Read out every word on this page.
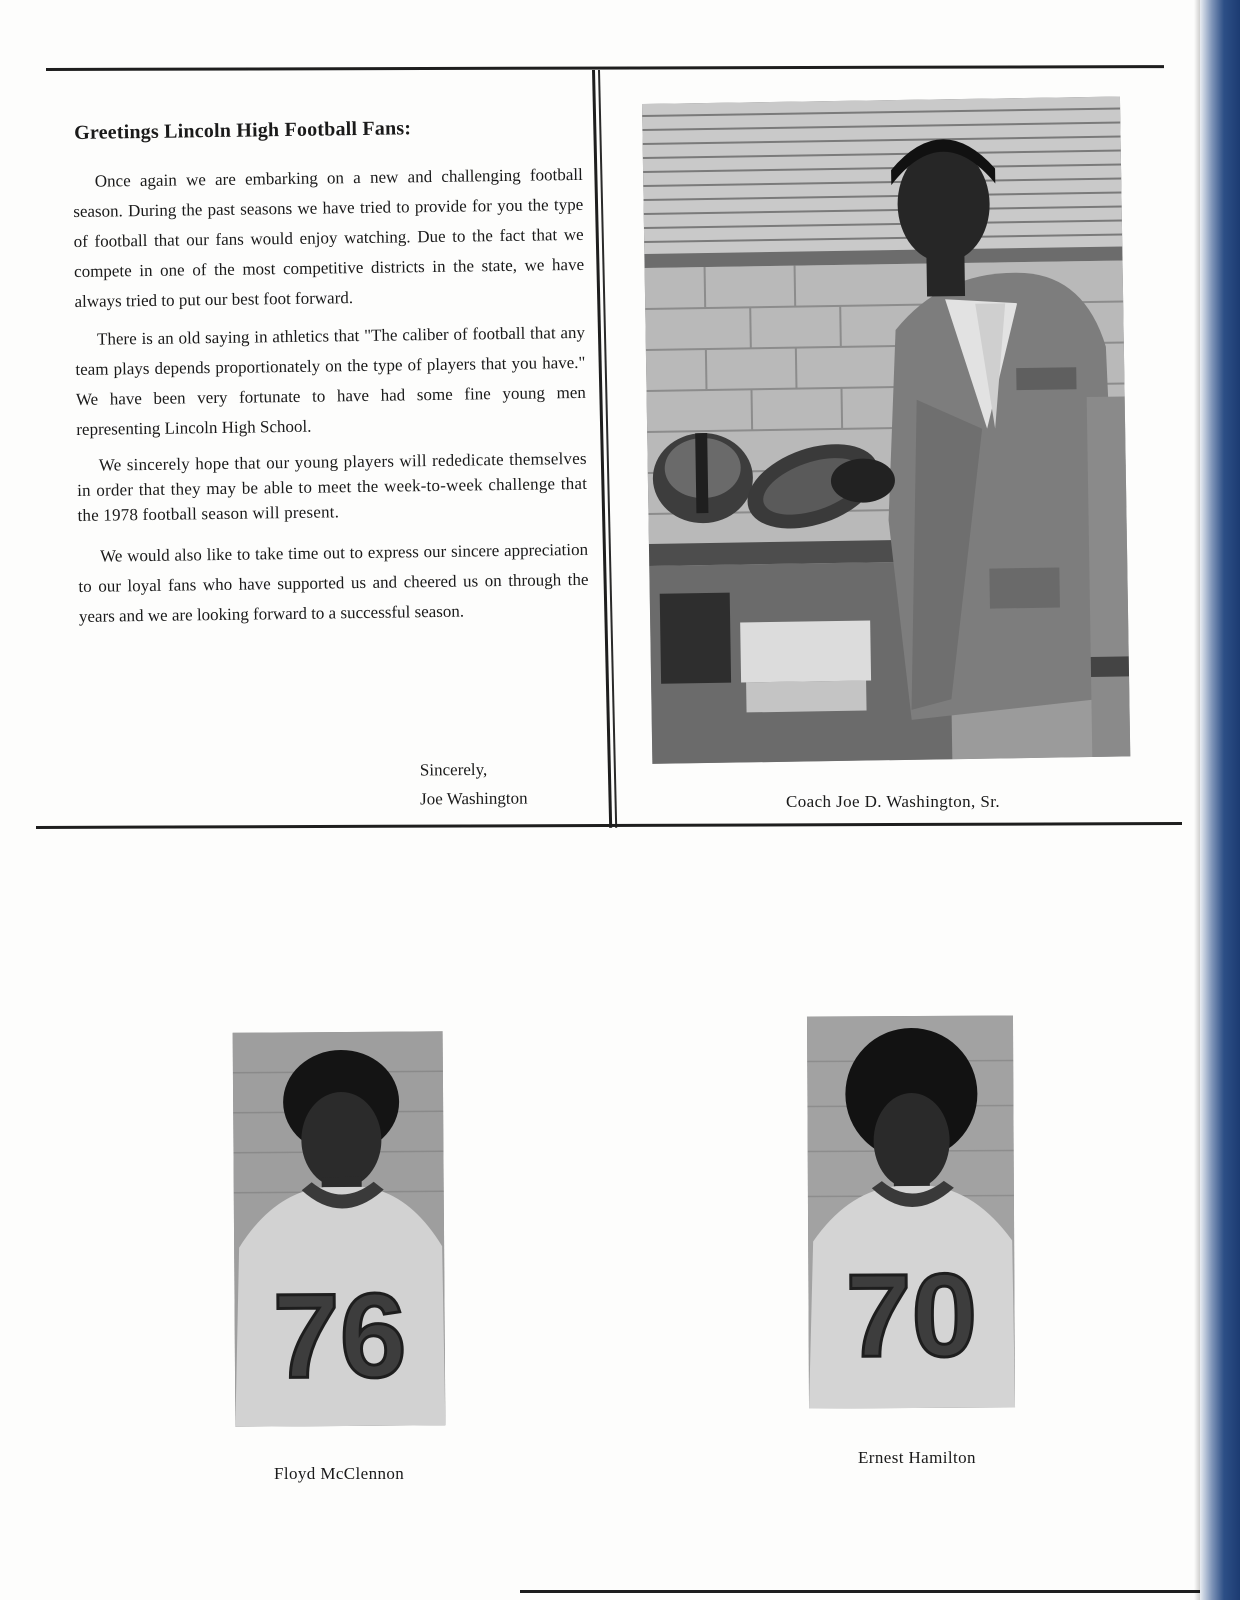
Greetings Lincoln High Football Fans:

Once again we are embarking on a new and challenging football season. During the past seasons we have tried to provide for you the type of football that our fans would enjoy watching. Due to the fact that we compete in one of the most competitive districts in the state, we have always tried to put our best foot forward.

There is an old saying in athletics that "The caliber of football that any team plays depends proportionately on the type of players that you have." We have been very fortunate to have had some fine young men representing Lincoln High School.

We sincerely hope that our young players will rededicate themselves in order that they may be able to meet the week-to-week challenge that the 1978 football season will present.

We would also like to take time out to express our sincere appreciation to our loyal fans who have supported us and cheered us on through the years and we are looking forward to a successful season.

Sincerely,
Joe Washington	Coach Joe D. Washington, Sr.
76
Floyd McClennon
70
Ernest Hamilton
